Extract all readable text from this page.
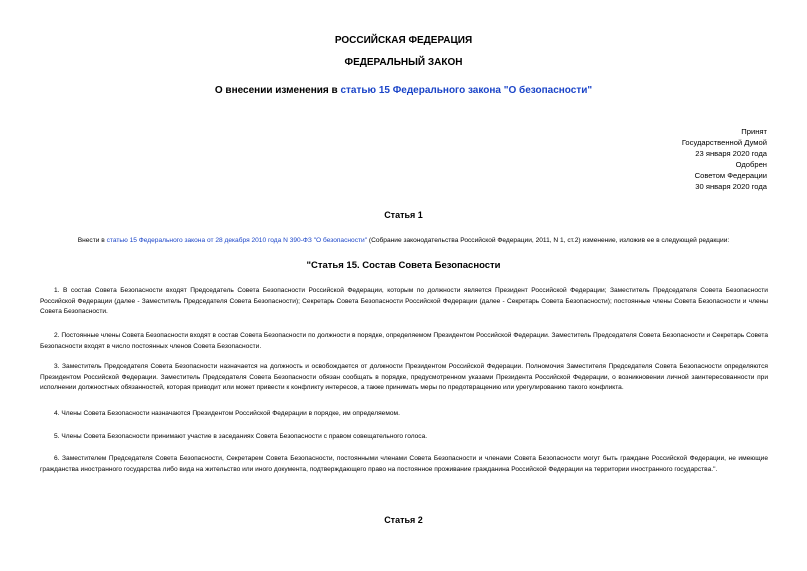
РОССИЙСКАЯ ФЕДЕРАЦИЯ
ФЕДЕРАЛЬНЫЙ ЗАКОН
О внесении изменения в статью 15 Федерального закона "О безопасности"
Принят
Государственной Думой
23 января 2020 года
Одобрен
Советом Федерации
30 января 2020 года
Статья 1
Внести в статью 15 Федерального закона от 28 декабря 2010 года N 390-ФЗ "О безопасности" (Собрание законодательства Российской Федерации, 2011, N 1, ст.2) изменение, изложив ее в следующей редакции:
"Статья 15. Состав Совета Безопасности
1. В состав Совета Безопасности входят Председатель Совета Безопасности Российской Федерации, которым по должности является Президент Российской Федерации; Заместитель Председателя Совета Безопасности Российской Федерации (далее - Заместитель Председателя Совета Безопасности); Секретарь Совета Безопасности Российской Федерации (далее - Секретарь Совета Безопасности); постоянные члены Совета Безопасности и члены Совета Безопасности.
2. Постоянные члены Совета Безопасности входят в состав Совета Безопасности по должности в порядке, определяемом Президентом Российской Федерации. Заместитель Председателя Совета Безопасности и Секретарь Совета Безопасности входят в число постоянных членов Совета Безопасности.
3. Заместитель Председателя Совета Безопасности назначается на должность и освобождается от должности Президентом Российской Федерации. Полномочия Заместителя Председателя Совета Безопасности определяются Президентом Российской Федерации. Заместитель Председателя Совета Безопасности обязан сообщать в порядке, предусмотренном указами Президента Российской Федерации, о возникновении личной заинтересованности при исполнении должностных обязанностей, которая приводит или может привести к конфликту интересов, а также принимать меры по предотвращению или урегулированию такого конфликта.
4. Члены Совета Безопасности назначаются Президентом Российской Федерации в порядке, им определяемом.
5. Члены Совета Безопасности принимают участие в заседаниях Совета Безопасности с правом совещательного голоса.
6. Заместителем Председателя Совета Безопасности, Секретарем Совета Безопасности, постоянными членами Совета Безопасности и членами Совета Безопасности могут быть граждане Российской Федерации, не имеющие гражданства иностранного государства либо вида на жительство или иного документа, подтверждающего право на постоянное проживание гражданина Российской Федерации на территории иностранного государства.".
Статья 2
